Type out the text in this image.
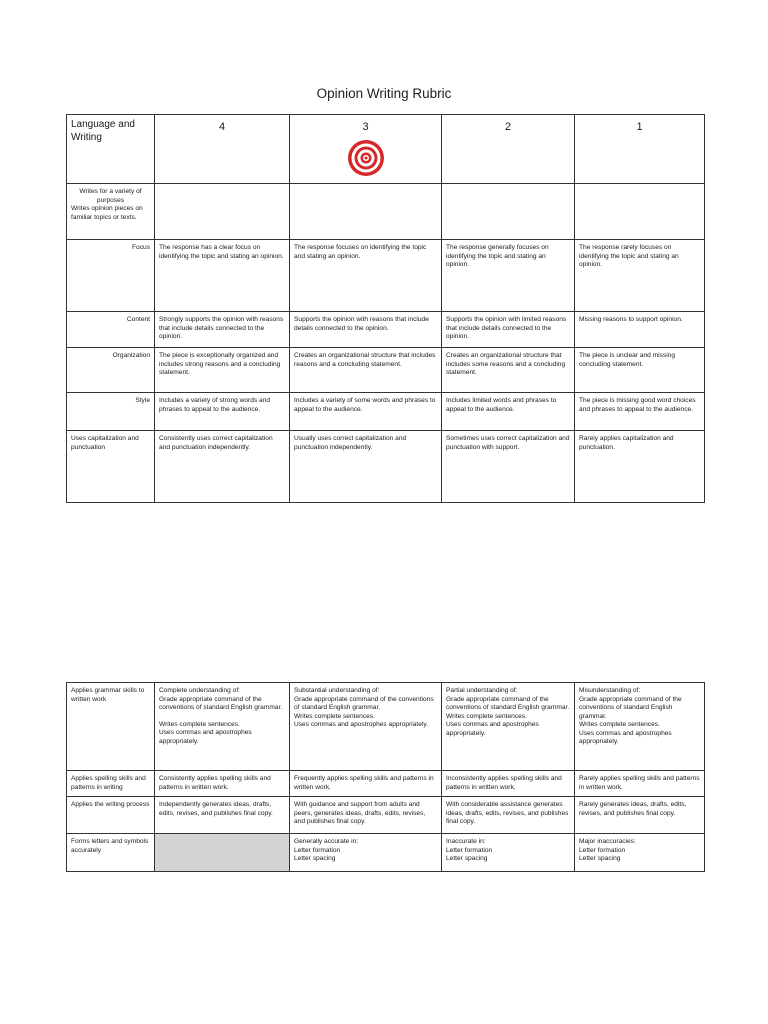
Opinion Writing Rubric
Language and Writing	4	3	2	1

Writes for a variety of purposes
Writes opinion pieces on familiar topics or texts.				

Focus	The response has a clear focus on identifying the topic and stating an opinion.	The response focuses on identifying the topic and stating an opinion.	The response generally focuses on identifying the topic and stating an opinion.	The response rarely focuses on identifying the topic and stating an opinion.
Content	Strongly supports the opinion with reasons that include details connected to the opinion.	Supports the opinion with reasons that include details connected to the opinion.	Supports the opinion with limited reasons that include details connected to the opinion.	Missing reasons to support opinion.
Organization	The piece is exceptionally organized and includes strong reasons and a concluding statement.	Creates an organizational structure that includes reasons and a concluding statement.	Creates an organizational structure that includes some reasons and a concluding statement.	The piece is unclear and missing concluding statement.
Style	Includes a variety of strong words and phrases to appeal to the audience.	Includes a variety of some words and phrases to appeal to the audience.	Includes limited words and phrases to appeal to the audience.	The piece is missing good word choices and phrases to appeal to the audience.
Uses capitalization and punctuation	Consistently uses correct capitalization and punctuation independently.	Usually uses correct capitalization and punctuation independently.	Sometimes uses correct capitalization and punctuation with support.	Rarely applies capitalization and punctuation.
Applies grammar skills to written work	Complete understanding of:
Grade appropriate command of the conventions of standard English grammar.
Writes complete sentences.
Uses commas and apostrophes appropriately.	Substantial understanding of:
Grade appropriate command of the conventions of standard English grammar.
Writes complete sentences.
Uses commas and apostrophes appropriately.	Partial understanding of:
Grade appropriate command of the conventions of standard English grammar.
Writes complete sentences.
Uses commas and apostrophes appropriately.	Misunderstanding of:
Grade appropriate command of the conventions of standard English grammar.
Writes complete sentences.
Uses commas and apostrophes appropriately.

Applies spelling skills and patterns in writing	Consistently applies spelling skills and patterns in written work.	Frequently applies spelling skills and patterns in written work.	Inconsistently applies spelling skills and patterns in written work.	Rarely applies spelling skills and patterns in written work.
Applies the writing process	Independently generates ideas, drafts, edits, revises, and publishes final copy.	With guidance and support from adults and peers, generates ideas, drafts, edits, revises, and publishes final copy.	With considerable assistance generates ideas, drafts, edits, revises, and publishes final copy.	Rarely generates ideas, drafts, edits, revises, and publishes final copy.
Forms letters and symbols accurately		Generally accurate in:
Letter formation
Letter spacing	Inaccurate in:
Letter formation
Letter spacing	Major inaccuracies:
Letter formation
Letter spacing
